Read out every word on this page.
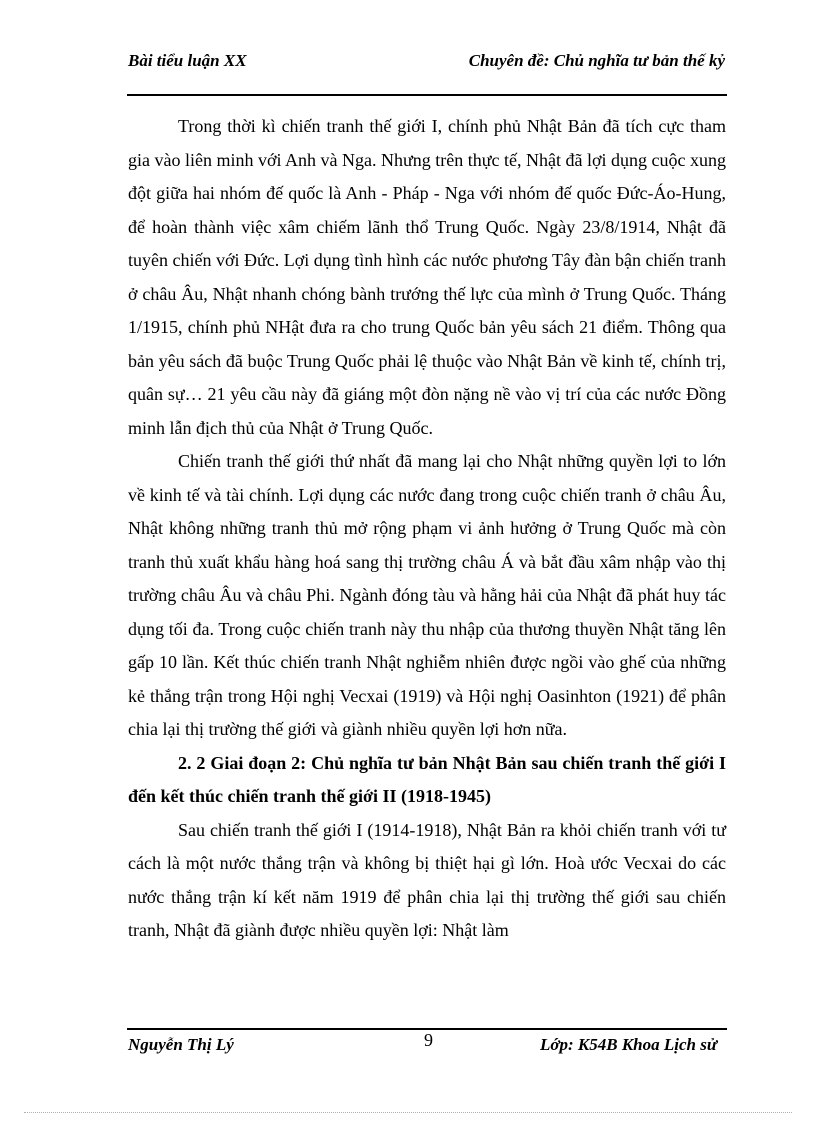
Bài tiểu luận XX	Chuyên đề: Chủ nghĩa tư bản thế kỷ

Trong thời kì chiến tranh thế giới I, chính phủ Nhật Bản đã tích cực tham gia vào liên minh với Anh và Nga. Nhưng trên thực tế, Nhật đã lợi dụng cuộc xung đột giữa hai nhóm đế quốc là Anh - Pháp - Nga với nhóm đế quốc Đức-Áo-Hung, để hoàn thành việc xâm chiếm lãnh thổ Trung Quốc. Ngày 23/8/1914, Nhật đã tuyên chiến với Đức. Lợi dụng tình hình các nước phương Tây đàn bận chiến tranh ở châu Âu, Nhật nhanh chóng bành trướng thế lực của mình ở Trung Quốc. Tháng 1/1915, chính phủ NHật đưa ra cho trung Quốc bản yêu sách 21 điểm. Thông qua bản yêu sách đã buộc Trung Quốc phải lệ thuộc vào Nhật Bản về kinh tế, chính trị, quân sự… 21 yêu cầu này đã giáng một đòn nặng nề vào vị trí của các nước Đồng minh lẫn địch thủ của Nhật ở Trung Quốc.

Chiến tranh thế giới thứ nhất đã mang lại cho Nhật những quyền lợi to lớn về kinh tế và tài chính. Lợi dụng các nước đang trong cuộc chiến tranh ở châu Âu, Nhật không những tranh thủ mở rộng phạm vi ảnh hưởng ở Trung Quốc mà còn tranh thủ xuất khẩu hàng hoá sang thị trường châu Á và bắt đầu xâm nhập vào thị trường châu Âu và châu Phi. Ngành đóng tàu và hằng hải của Nhật đã phát huy tác dụng tối đa. Trong cuộc chiến tranh này thu nhập của thương thuyền Nhật tăng lên gấp 10 lần. Kết thúc chiến tranh Nhật nghiễm nhiên được ngồi vào ghế của những kẻ thắng trận trong Hội nghị Vecxai (1919) và Hội nghị Oasinhton (1921) để phân chia lại thị trường thế giới và giành nhiều quyền lợi hơn nữa.

2. 2 Giai đoạn 2: Chủ nghĩa tư bản Nhật Bản sau chiến tranh thế giới I đến kết thúc chiến tranh thế giới II (1918-1945)

Sau chiến tranh thế giới I (1914-1918), Nhật Bản ra khỏi chiến tranh với tư cách là một nước thắng trận và không bị thiệt hại gì lớn. Hoà ước Vecxai do các nước thắng trận kí kết năm 1919 để phân chia lại thị trường thế giới sau chiến tranh, Nhật đã giành được nhiều quyền lợi: Nhật làm

Nguyễn Thị Lý	9	Lớp: K54B Khoa Lịch sử
